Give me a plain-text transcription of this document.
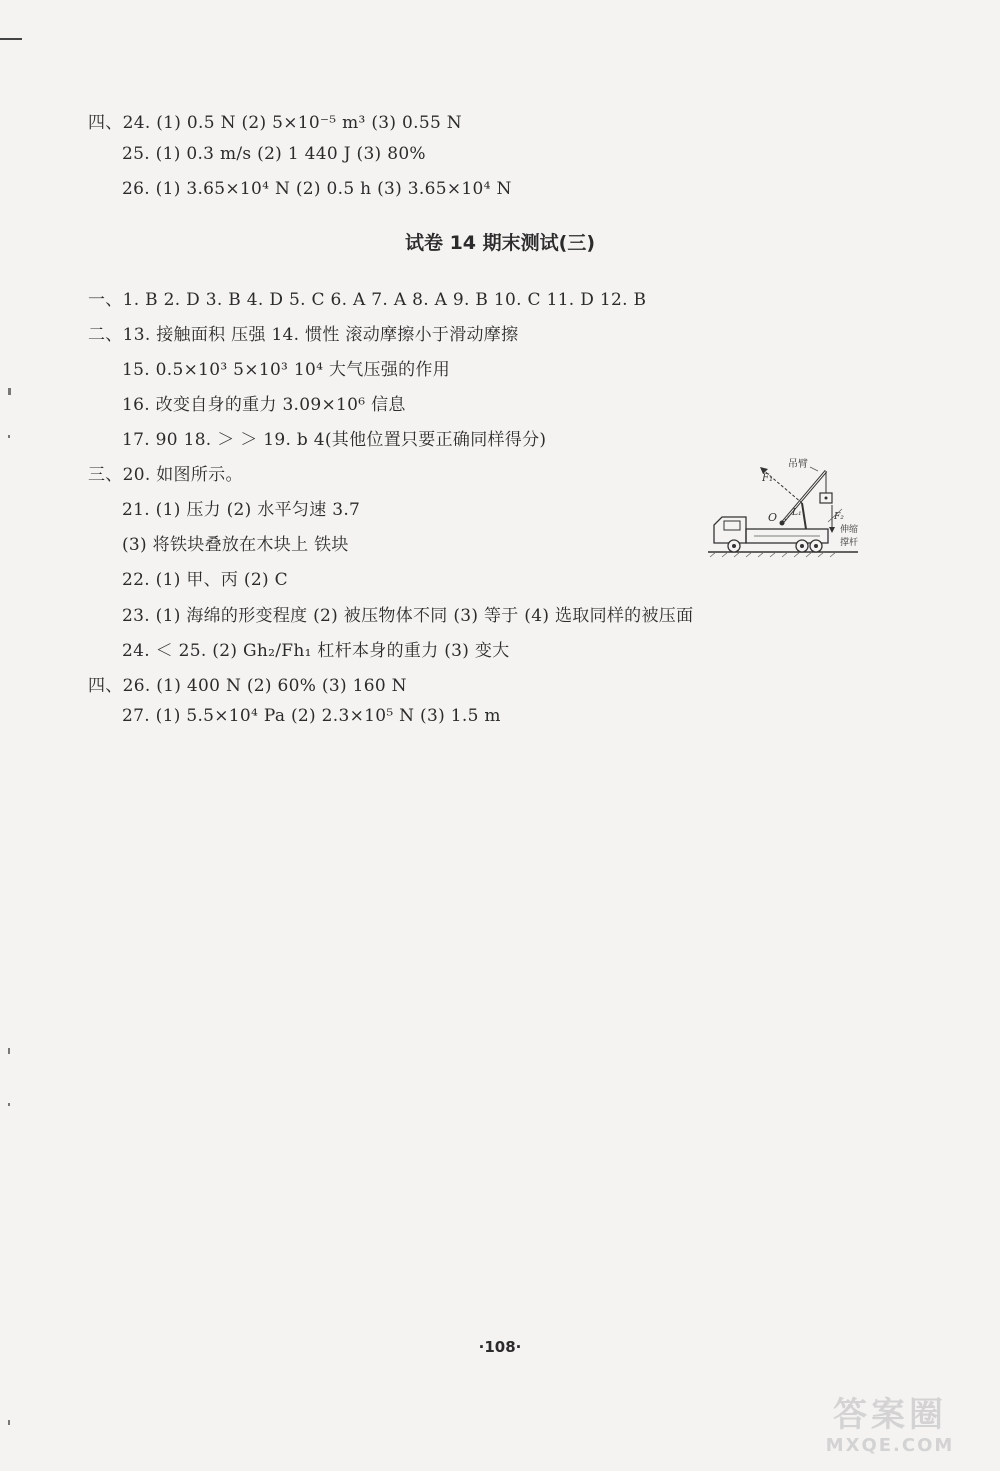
四、24. (1) 0.5 N (2) 5×10⁻⁵ m³ (3) 0.55 N
25. (1) 0.3 m/s (2) 1 440 J (3) 80%
26. (1) 3.65×10⁴ N (2) 0.5 h (3) 3.65×10⁴ N
试卷 14 期末测试(三)
一、1. B 2. D 3. B 4. D 5. C 6. A 7. A 8. A 9. B 10. C 11. D 12. B
二、13. 接触面积 压强 14. 惯性 滚动摩擦小于滑动摩擦
15. 0.5×10³ 5×10³ 10⁴ 大气压强的作用
16. 改变自身的重力 3.09×10⁶ 信息
17. 90 18. ＞ ＞ 19. b 4(其他位置只要正确同样得分)
三、20. 如图所示。
21. (1) 压力 (2) 水平匀速 3.7
(3) 将铁块叠放在木块上 铁块
22. (1) 甲、丙 (2) C
23. (1) 海绵的形变程度 (2) 被压物体不同 (3) 等于 (4) 选取同样的被压面
24. ＜ 25. (2) Gh₂/Fh₁ 杠杆本身的重力 (3) 变大
四、26. (1) 400 N (2) 60% (3) 160 N
27. (1) 5.5×10⁴ Pa (2) 2.3×10⁵ N (3) 1.5 m
F₁
吊臂
O L₁	F₂
伸缩
撑杆
·108·
答案圈
MXQE.COM
